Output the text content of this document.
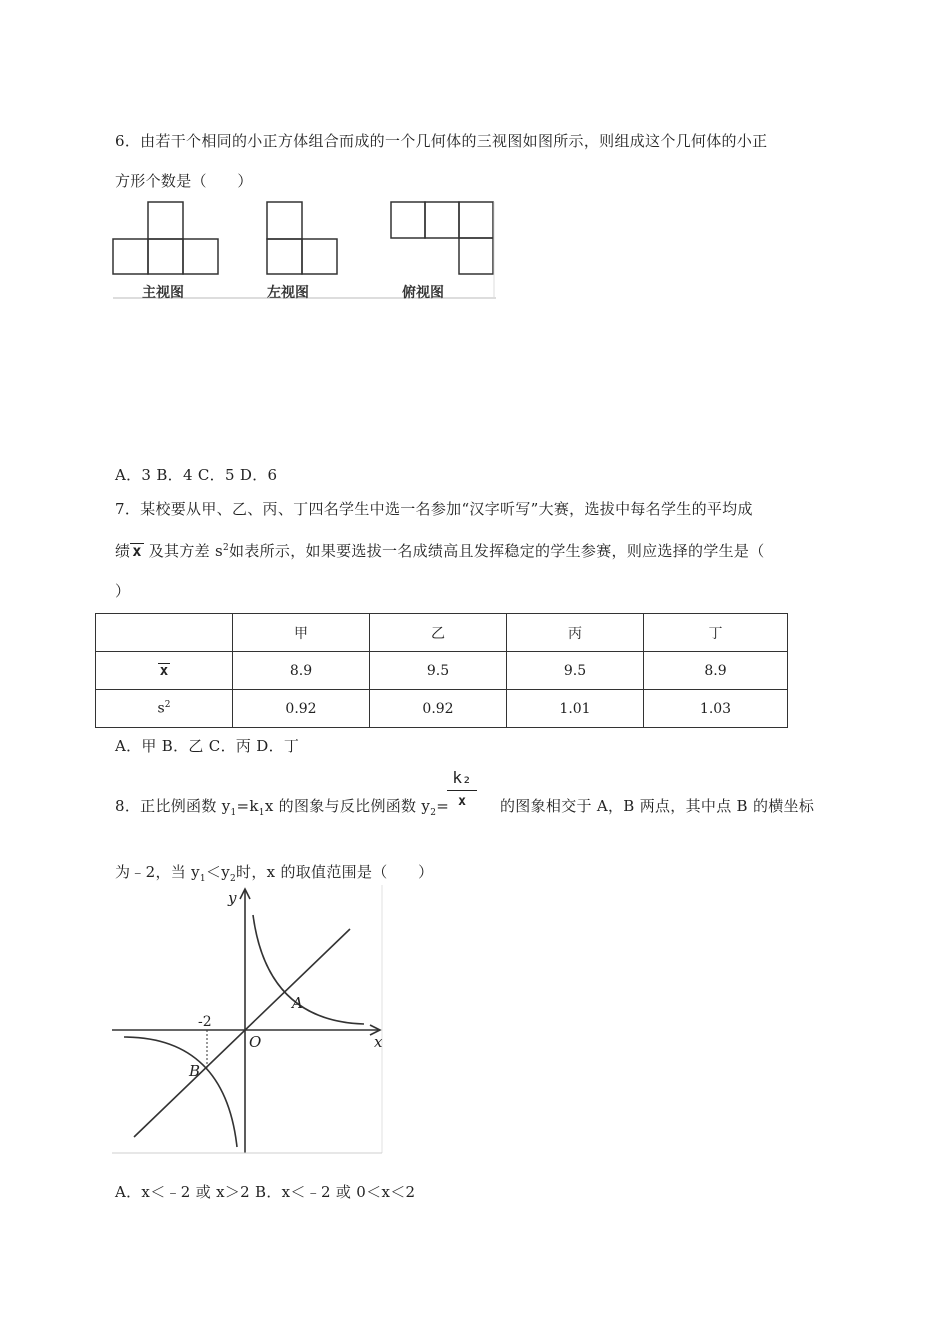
6．由若干个相同的小正方体组合而成的一个几何体的三视图如图所示，则组成这个几何体的小正
方形个数是（　　）
主视图	左视图	俯视图
A．3 B．4 C．5 D．6
7．某校要从甲、乙、丙、丁四名学生中选一名参加“汉字听写”大赛，选拔中每名学生的平均成
绩 x 及其方差 $s^2$如表所示，如果要选拔一名成绩高且发挥稳定的学生参赛，则应选择的学生是（
）
	甲	乙	丙	丁
x	8.9	9.5	9.5	8.9
$s^2$	0.92	0.92	1.01	1.03
A．甲 B．乙 C．丙 D．丁
8．正比例函数 $y_1=k_1x$ 的图象与反比例函数 $y_2=$
k₂
x	的图象相交于 A，B 两点，其中点 B 的横坐标
为﹣2，当 $y_1<y_2$时，x 的取值范围是（　　）
y
x
O
A
B
-2
A．x＜﹣2 或 x＞2 B．x＜﹣2 或 0＜x＜2
